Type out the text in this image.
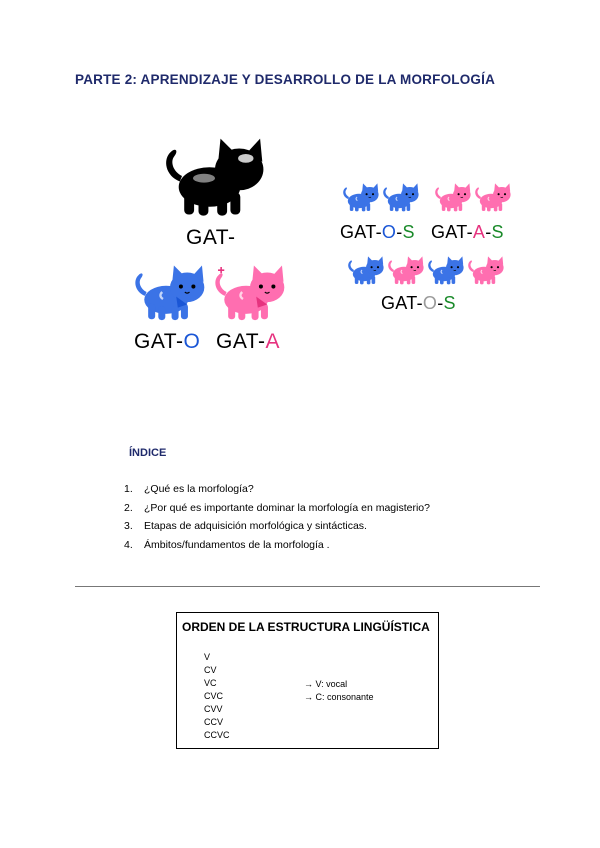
PARTE 2: APRENDIZAJE Y DESARROLLO DE LA MORFOLOGÍA
GAT-
GAT-O GAT-A
GAT-O-S GAT-A-S
GAT-O-S
ÍNDICE
1. ¿Qué es la morfología?
2. ¿Por qué es importante dominar la morfología en magisterio?
3. Etapas de adquisición morfológica y sintácticas.
4. Ámbitos/fundamentos de la morfología .
ORDEN DE LA ESTRUCTURA LINGÜÍSTICA
V
CV
VC
CVC
CVV
CCV
CCVC
→ V: vocal
→ C: consonante
